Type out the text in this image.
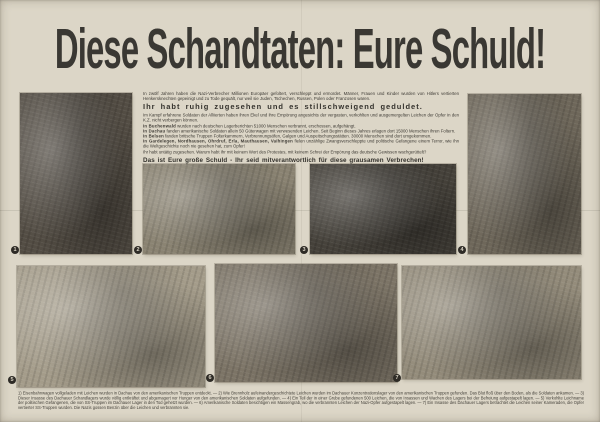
Diese Schandtaten: Eure Schuld!
1	2	3	4
In zwölf Jahren haben die Nazi-Verbrecher Millionen Europäer gefoltert, verschleppt und ermordet. Männer, Frauen und Kinder wurden von Hitlers vertierten Henkersknechten gepeinigt und zu Tode gequält, nur weil sie Juden, Tschechen, Russen, Polen oder Franzosen waren.
Ihr habt ruhig zugesehen und es stillschweigend geduldet.
Im Kampf erfahrene Soldaten der Alliierten haben ihren Ekel und ihre Empörung angesichts der vergasten, verkohlten und ausgemergelten Leichen der Opfer in den K.Z. nicht verbergen können.
In Buchenwald wurden nach deutschen Lagerberichten 51000 Menschen verbrannt, erschossen, aufgehängt.
In Dachau fanden amerikanische Soldaten allein 50 Güterwagen mit verwesenden Leichen. Seit Beginn dieses Jahres erlagen dort 15000 Menschen ihren Foltern.
In Belsen fanden britische Truppen Folterkammern, Verbrennungsöfen, Galgen und Auspeitschungsstätten. 30000 Menschen sind dort umgekommen.
In Gardelegen, Nordhausen, Ohrdruf, Erla, Mauthausen, Vaihingen fielen unzählige Zwangsverschleppte und politische Gefangene einem Terror, wie ihn die Weltgeschichte noch nie gesehen hat, zum Opfer!
Ihr habt untätig zugesehen. Warum habt Ihr mit keinem Wort des Protestes, mit keinem Schrei der Empörung das deutsche Gewissen wachgerüttelt?
Das ist Eure große Schuld - Ihr seid mitverantwortlich für diese grausamen Verbrechen!
5	6	7
1) Eisenbahnwagen vollgeladen mit Leichen wurden in Dachau von den amerikanischen Truppen entdeckt. — 2) Wie Brennholz aufeinandergeschichtete Leichen wurden im Dachauer Konzentrationslager von den amerikanischen Truppen gefunden. Das Blut floß über den Boden, als die Soldaten ankamen. — 3) Dieser Insasse des Dachauer Schandlagers wurde völlig entkräftet und abgemagert vor Hunger von den amerikanischen Soldaten aufgefunden. — 4) Ein Teil der in einer Grube gefundenen 500 Leichen, die von Insassen und Wachen des Lagers bei der Befreiung aufgestapelt lagen. — 5) Verkohlte Leichname der politischen Gefangenen, die von SS-Truppen im Dachauer Lager in den Tod gehetzt wurden. — 6) Amerikanische Soldaten besichtigen ein Massengrab, wo die verbrannten Leichen der Nazi-Opfer aufgestapelt lagen. — 7) Ein Insasse des Dachauer Lagers betrachtet die Leichen seiner Kameraden, die Opfer vertierter SS-Truppen wurden. Die Nazis gossen Benzin über die Leichen und verbrannten sie.
